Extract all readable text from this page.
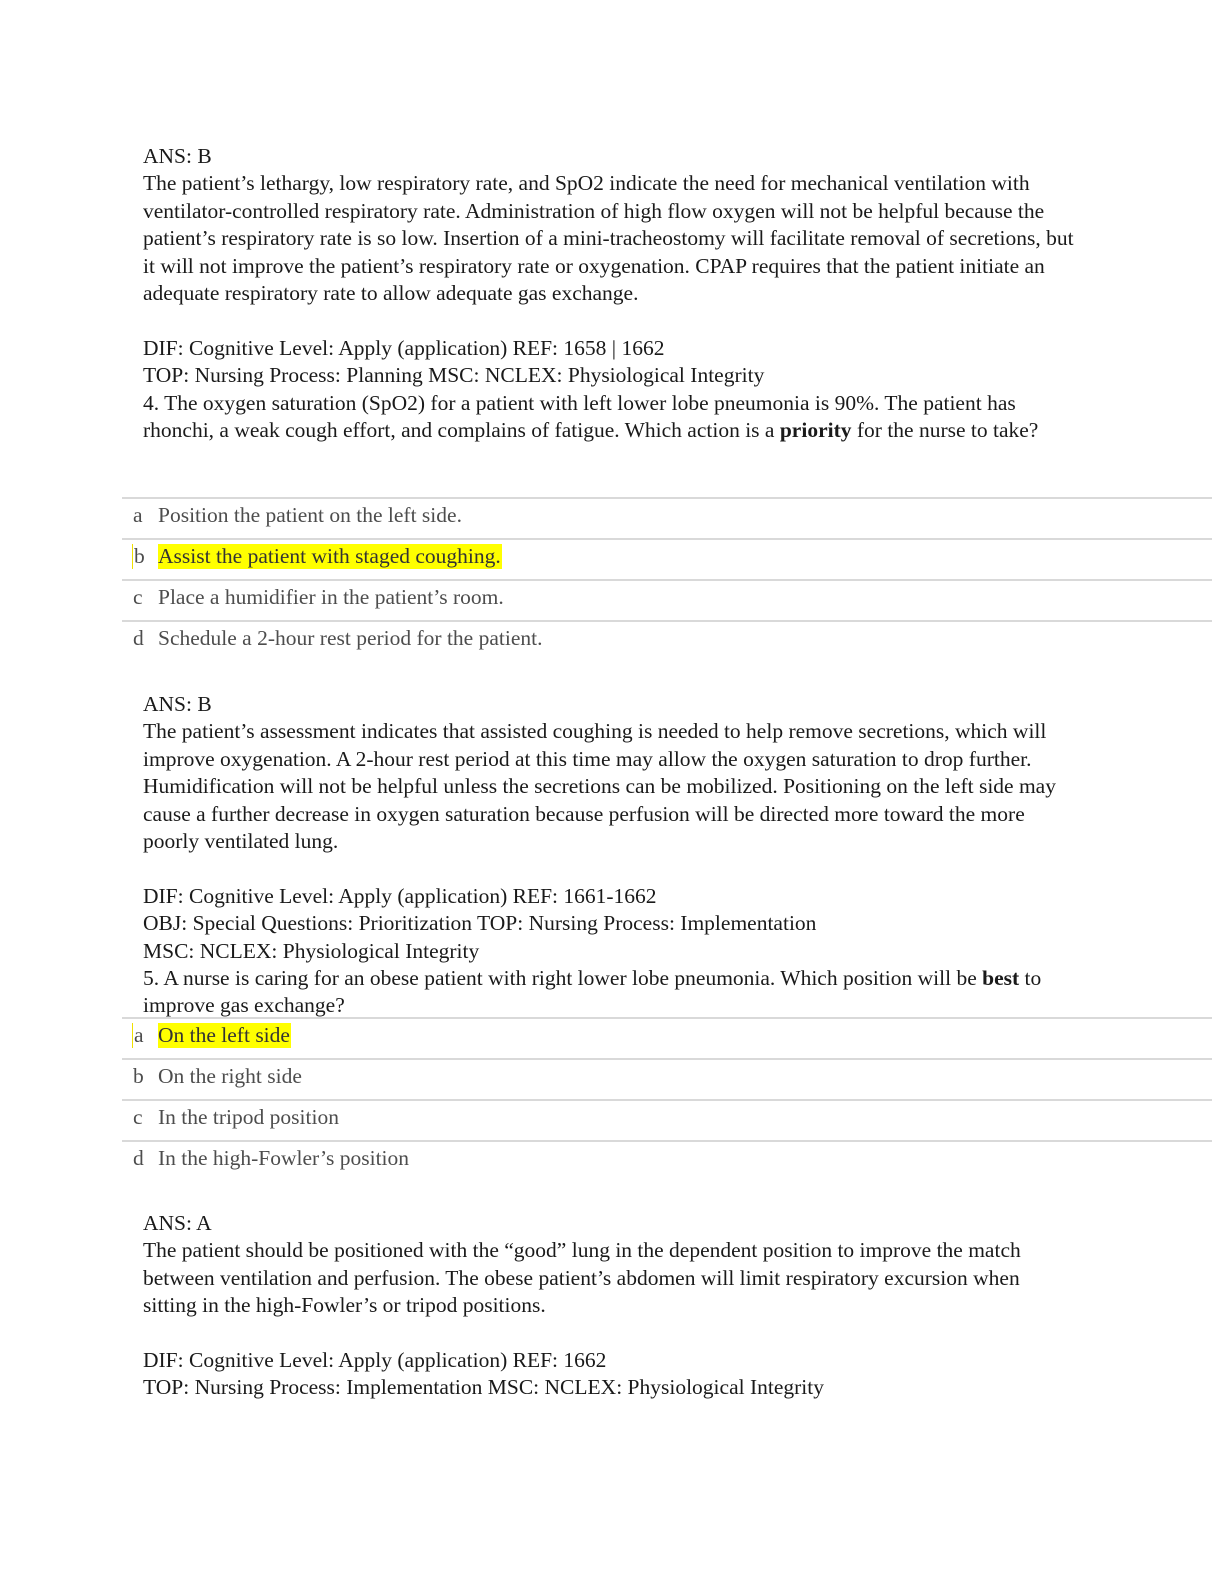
ANS: B

The patient’s lethargy, low respiratory rate, and SpO2 indicate the need for mechanical ventilation with ventilator-controlled respiratory rate. Administration of high flow oxygen will not be helpful because the patient’s respiratory rate is so low. Insertion of a mini-tracheostomy will facilitate removal of secretions, but it will not improve the patient’s respiratory rate or oxygenation. CPAP requires that the patient initiate an adequate respiratory rate to allow adequate gas exchange.

DIF: Cognitive Level: Apply (application) REF: 1658 | 1662

TOP: Nursing Process: Planning MSC: NCLEX: Physiological Integrity

4. The oxygen saturation (SpO2) for a patient with left lower lobe pneumonia is 90%. The patient has rhonchi, a weak cough effort, and complains of fatigue. Which action is a priority for the nurse to take?

a Position the patient on the left side.
b Assist the patient with staged coughing.
c Place a humidifier in the patient’s room.
d Schedule a 2-hour rest period for the patient.

ANS: B

The patient’s assessment indicates that assisted coughing is needed to help remove secretions, which will improve oxygenation. A 2-hour rest period at this time may allow the oxygen saturation to drop further. Humidification will not be helpful unless the secretions can be mobilized. Positioning on the left side may cause a further decrease in oxygen saturation because perfusion will be directed more toward the more poorly ventilated lung.

DIF: Cognitive Level: Apply (application) REF: 1661-1662

OBJ: Special Questions: Prioritization TOP: Nursing Process: Implementation

MSC: NCLEX: Physiological Integrity

5. A nurse is caring for an obese patient with right lower lobe pneumonia. Which position will be best to improve gas exchange?

a On the left side
b On the right side
c In the tripod position
d In the high-Fowler’s position

ANS: A

The patient should be positioned with the “good” lung in the dependent position to improve the match between ventilation and perfusion. The obese patient’s abdomen will limit respiratory excursion when sitting in the high-Fowler’s or tripod positions.

DIF: Cognitive Level: Apply (application) REF: 1662

TOP: Nursing Process: Implementation MSC: NCLEX: Physiological Integrity
